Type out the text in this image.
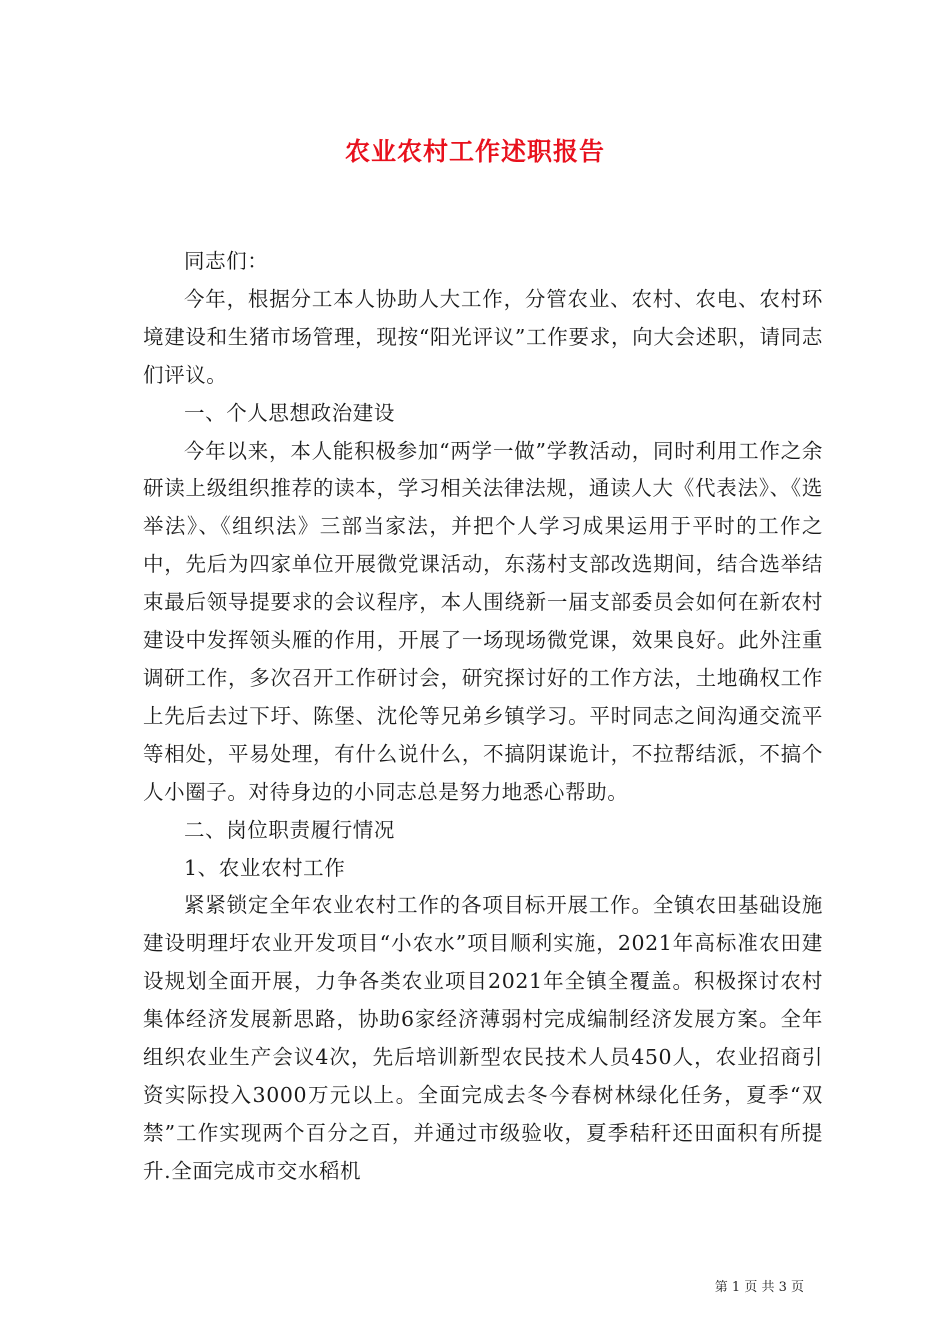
农业农村工作述职报告

同志们：

今年，根据分工本人协助人大工作，分管农业、农村、农电、农村环境建设和生猪市场管理，现按“阳光评议”工作要求，向大会述职，请同志们评议。

一、个人思想政治建设

今年以来，本人能积极参加“两学一做”学教活动，同时利用工作之余研读上级组织推荐的读本，学习相关法律法规，通读人大《代表法》、《选举法》、《组织法》三部当家法，并把个人学习成果运用于平时的工作之中，先后为四家单位开展微党课活动，东荡村支部改选期间，结合选举结束最后领导提要求的会议程序，本人围绕新一届支部委员会如何在新农村建设中发挥领头雁的作用，开展了一场现场微党课，效果良好。此外注重调研工作，多次召开工作研讨会，研究探讨好的工作方法，土地确权工作上先后去过下圩、陈堡、沈伦等兄弟乡镇学习。平时同志之间沟通交流平等相处，平易处理，有什么说什么，不搞阴谋诡计，不拉帮结派，不搞个人小圈子。对待身边的小同志总是努力地悉心帮助。

二、岗位职责履行情况

1、农业农村工作

紧紧锁定全年农业农村工作的各项目标开展工作。全镇农田基础设施建设明理圩农业开发项目“小农水”项目顺利实施，2021年高标准农田建设规划全面开展，力争各类农业项目2021年全镇全覆盖。积极探讨农村集体经济发展新思路，协助6家经济薄弱村完成编制经济发展方案。全年组织农业生产会议4次，先后培训新型农民技术人员450人，农业招商引资实际投入3000万元以上。全面完成去冬今春树林绿化任务，夏季“双禁”工作实现两个百分之百，并通过市级验收，夏季秸秆还田面积有所提升.全面完成市交水稻机

第 1 页 共 3 页
